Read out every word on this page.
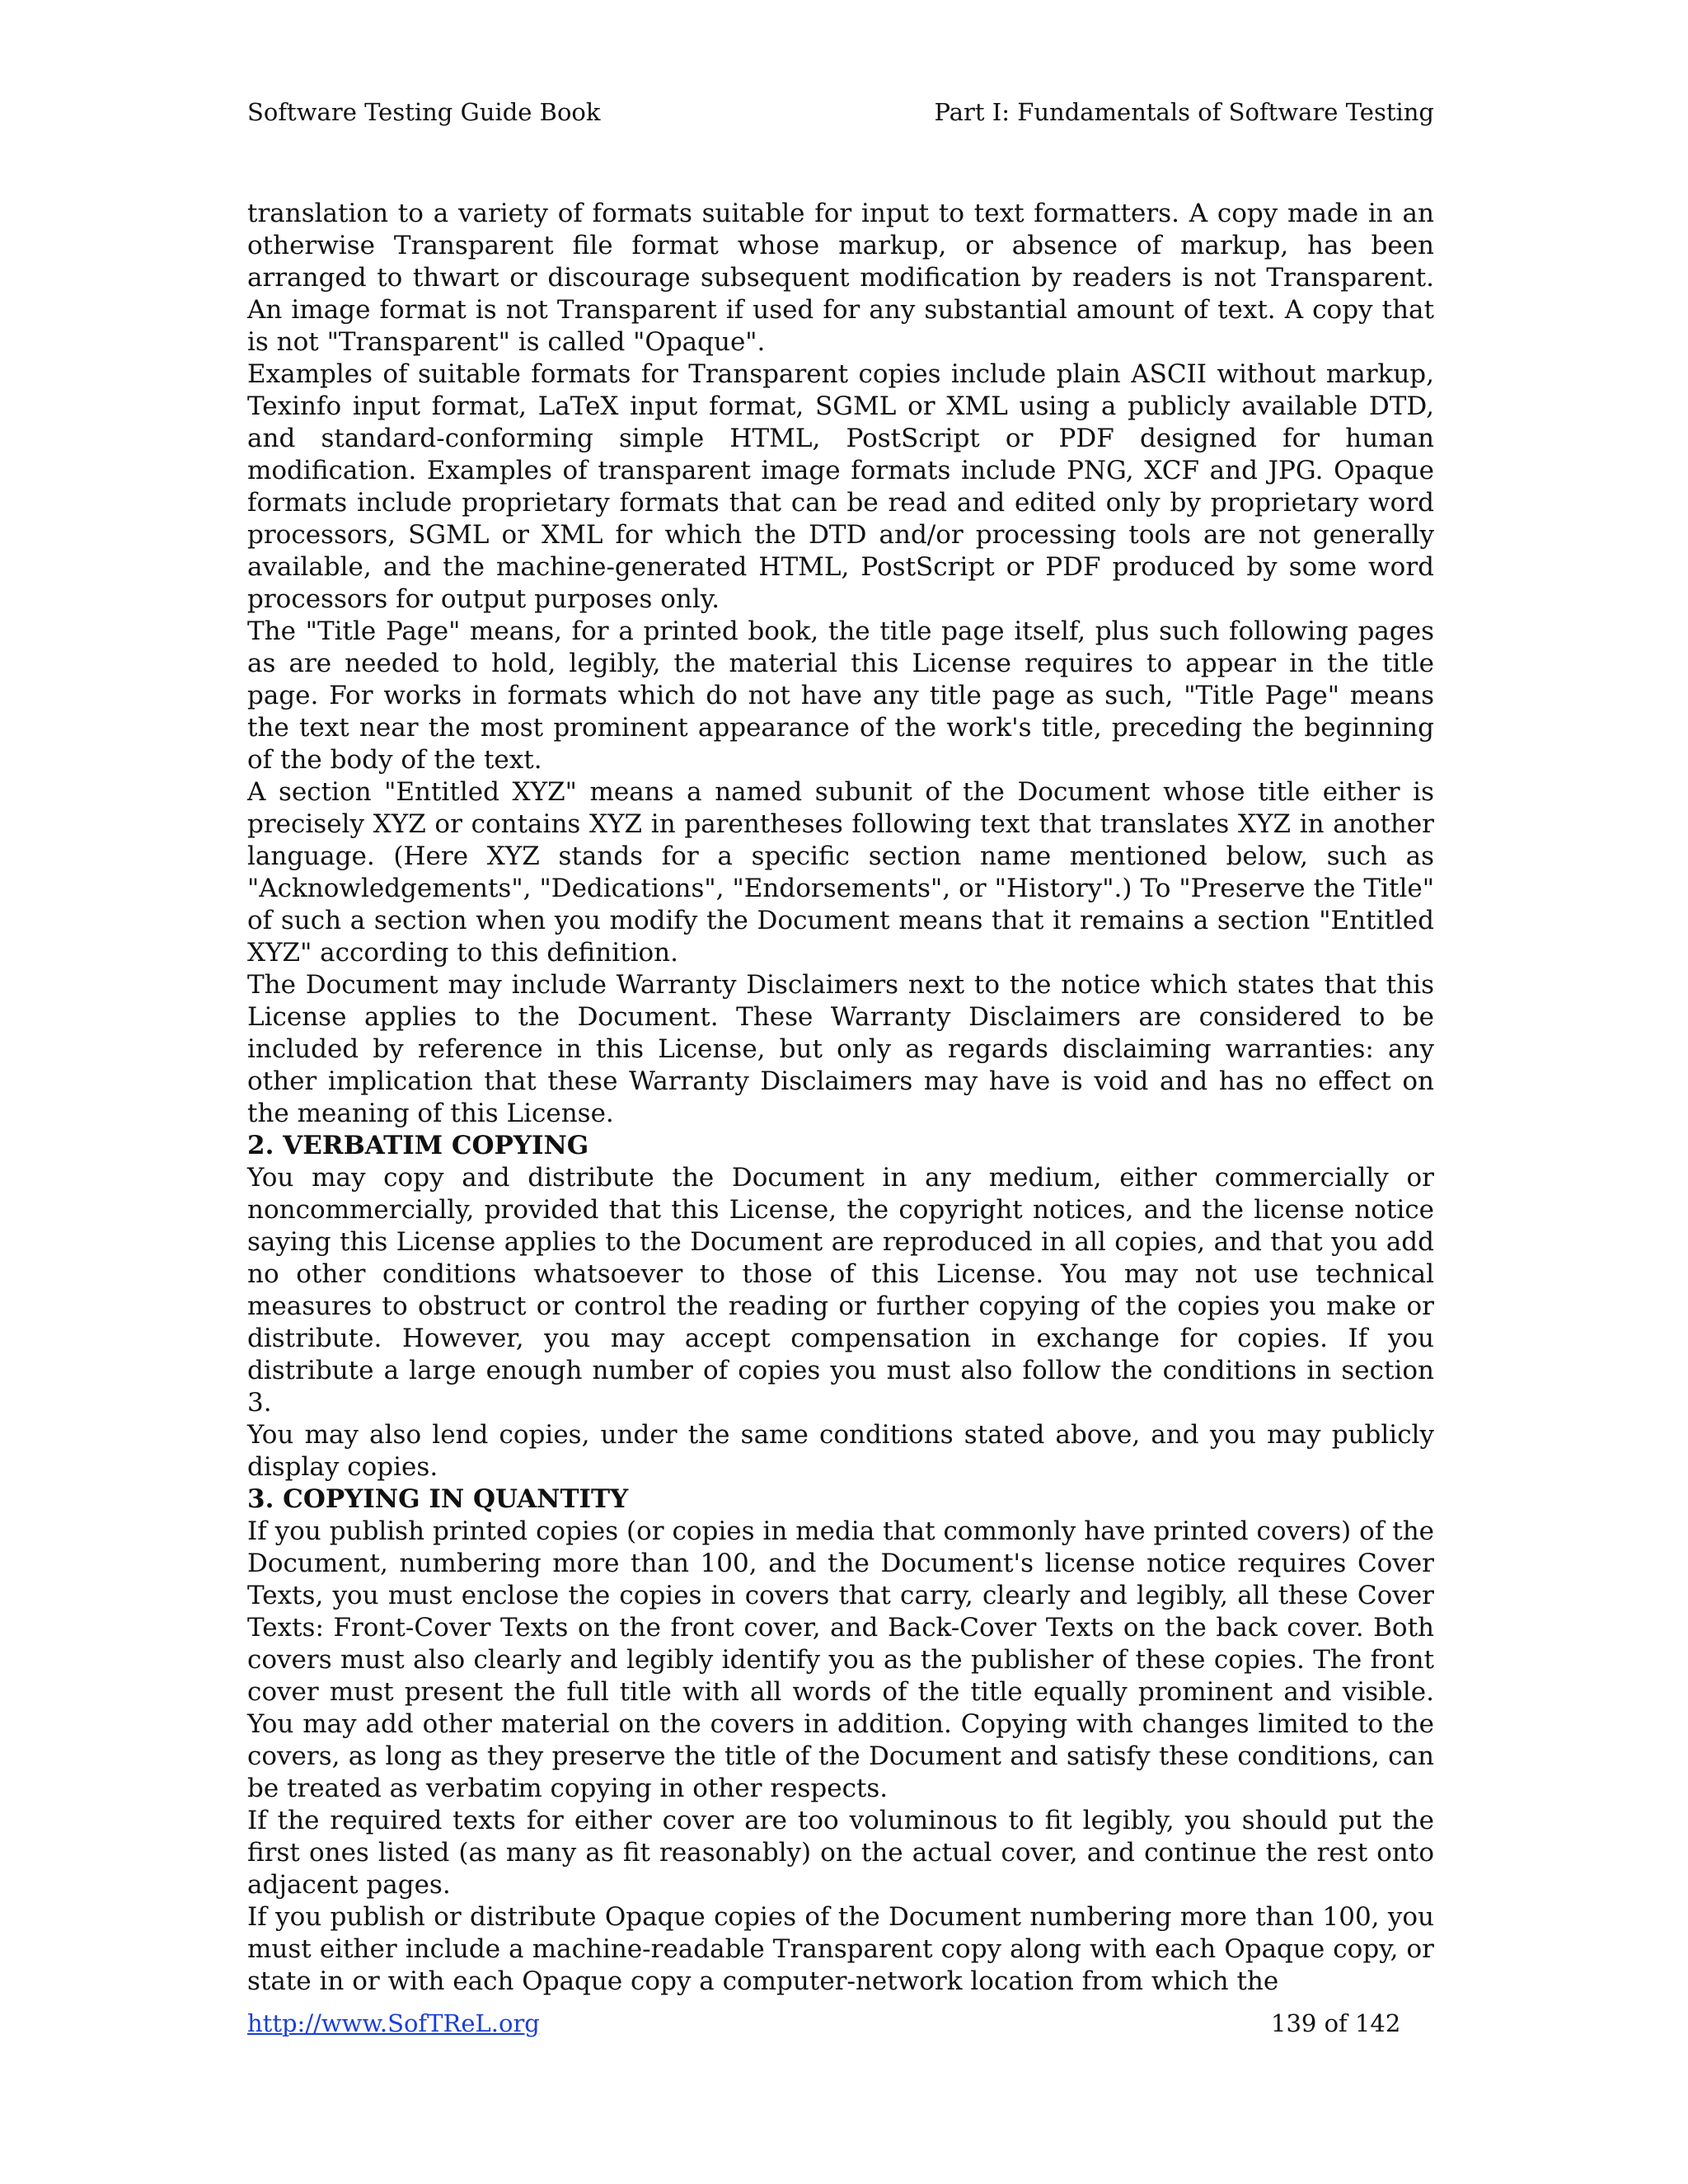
Software Testing Guide Book	Part I: Fundamentals of Software Testing

translation to a variety of formats suitable for input to text formatters. A copy made in an otherwise Transparent file format whose markup, or absence of markup, has been arranged to thwart or discourage subsequent modification by readers is not Transparent. An image format is not Transparent if used for any substantial amount of text. A copy that is not "Transparent" is called "Opaque".

Examples of suitable formats for Transparent copies include plain ASCII without markup, Texinfo input format, LaTeX input format, SGML or XML using a publicly available DTD, and standard-conforming simple HTML, PostScript or PDF designed for human modification. Examples of transparent image formats include PNG, XCF and JPG. Opaque formats include proprietary formats that can be read and edited only by proprietary word processors, SGML or XML for which the DTD and/or processing tools are not generally available, and the machine-generated HTML, PostScript or PDF produced by some word processors for output purposes only.

The "Title Page" means, for a printed book, the title page itself, plus such following pages as are needed to hold, legibly, the material this License requires to appear in the title page. For works in formats which do not have any title page as such, "Title Page" means the text near the most prominent appearance of the work's title, preceding the beginning of the body of the text.

A section "Entitled XYZ" means a named subunit of the Document whose title either is precisely XYZ or contains XYZ in parentheses following text that translates XYZ in another language. (Here XYZ stands for a specific section name mentioned below, such as "Acknowledgements", "Dedications", "Endorsements", or "History".) To "Preserve the Title" of such a section when you modify the Document means that it remains a section "Entitled XYZ" according to this definition.

The Document may include Warranty Disclaimers next to the notice which states that this License applies to the Document. These Warranty Disclaimers are considered to be included by reference in this License, but only as regards disclaiming warranties: any other implication that these Warranty Disclaimers may have is void and has no effect on the meaning of this License.

2. VERBATIM COPYING

You may copy and distribute the Document in any medium, either commercially or noncommercially, provided that this License, the copyright notices, and the license notice saying this License applies to the Document are reproduced in all copies, and that you add no other conditions whatsoever to those of this License. You may not use technical measures to obstruct or control the reading or further copying of the copies you make or distribute. However, you may accept compensation in exchange for copies. If you distribute a large enough number of copies you must also follow the conditions in section 3.

You may also lend copies, under the same conditions stated above, and you may publicly display copies.

3. COPYING IN QUANTITY

If you publish printed copies (or copies in media that commonly have printed covers) of the Document, numbering more than 100, and the Document's license notice requires Cover Texts, you must enclose the copies in covers that carry, clearly and legibly, all these Cover Texts: Front-Cover Texts on the front cover, and Back-Cover Texts on the back cover. Both covers must also clearly and legibly identify you as the publisher of these copies. The front cover must present the full title with all words of the title equally prominent and visible. You may add other material on the covers in addition. Copying with changes limited to the covers, as long as they preserve the title of the Document and satisfy these conditions, can be treated as verbatim copying in other respects.

If the required texts for either cover are too voluminous to fit legibly, you should put the first ones listed (as many as fit reasonably) on the actual cover, and continue the rest onto adjacent pages.

If you publish or distribute Opaque copies of the Document numbering more than 100, you must either include a machine-readable Transparent copy along with each Opaque copy, or state in or with each Opaque copy a computer-network location from which the

http://www.SofTReL.org	139 of 142
